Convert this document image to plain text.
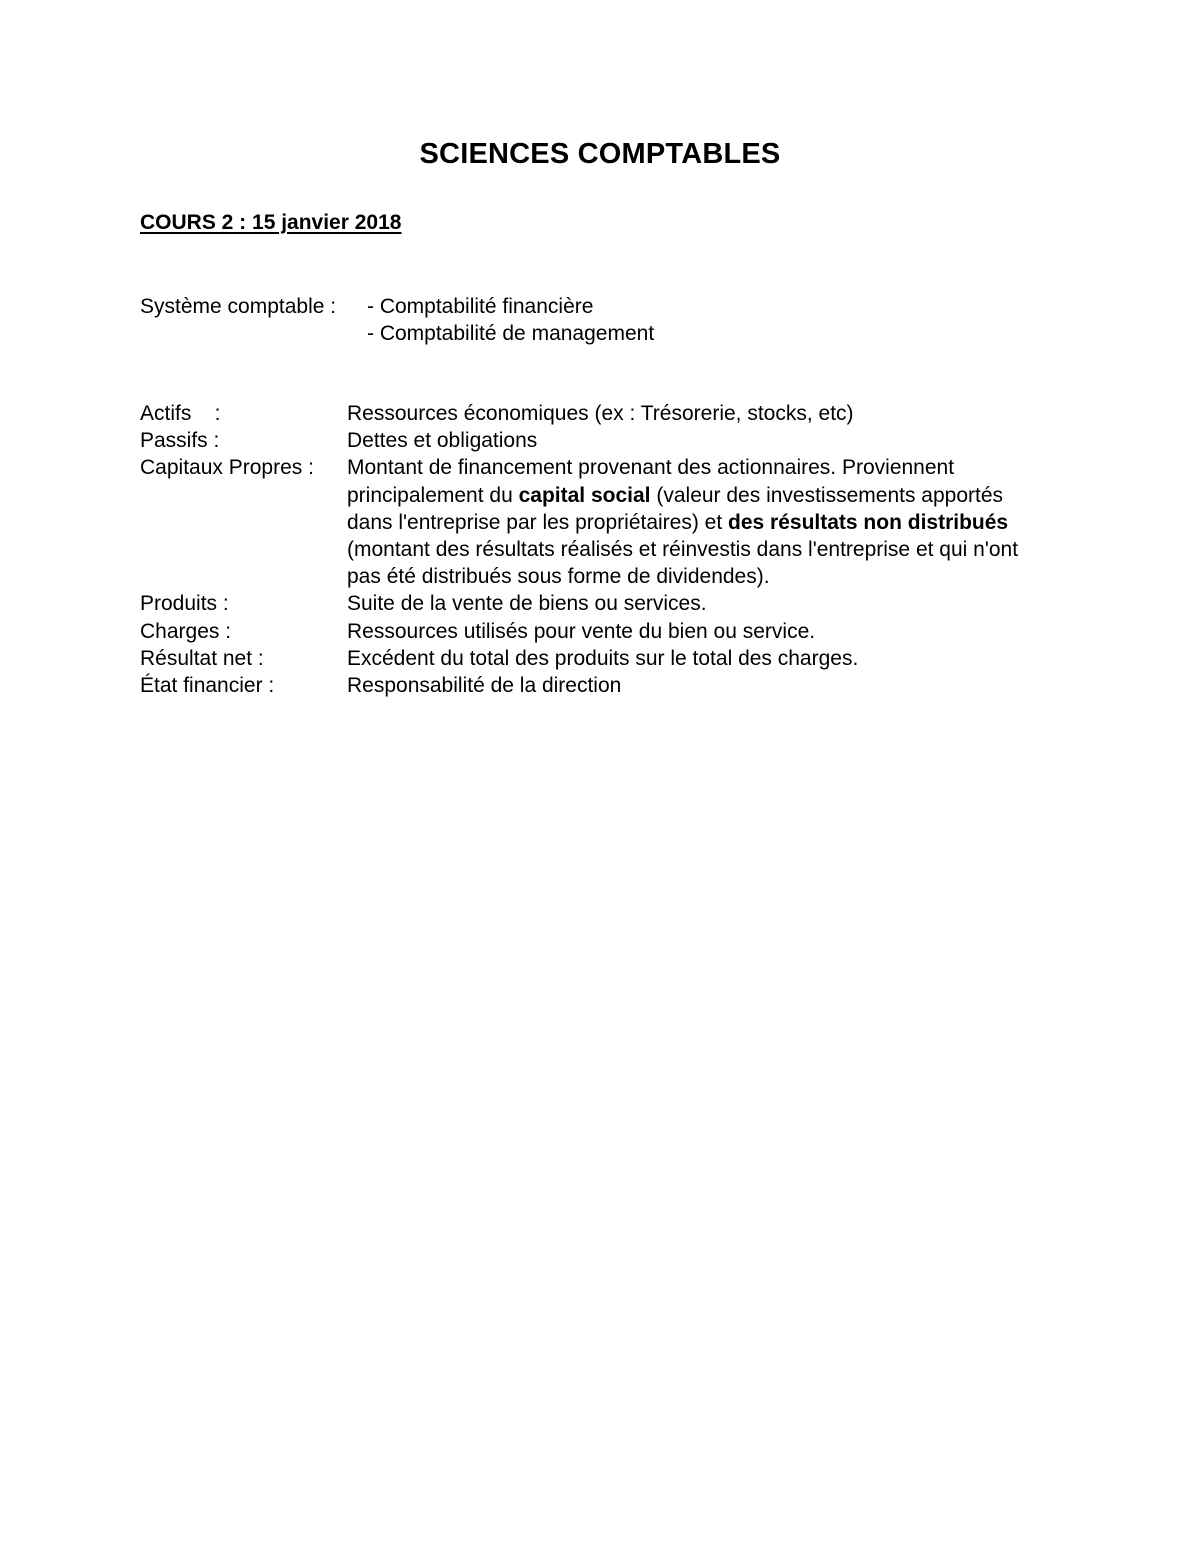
SCIENCES COMPTABLES
COURS 2 : 15 janvier 2018
Système comptable : - Comptabilité financière
- Comptabilité de management
Actifs    :	Ressources économiques (ex : Trésorerie, stocks, etc)
Passifs :	Dettes et obligations
Capitaux Propres : Montant de financement provenant des actionnaires. Proviennent principalement du capital social (valeur des investissements apportés dans l'entreprise par les propriétaires) et des résultats non distribués (montant des résultats réalisés et réinvestis dans l'entreprise et qui n'ont pas été distribués sous forme de dividendes).
Produits :	Suite de la vente de biens ou services.
Charges :	Ressources utilisés pour vente du bien ou service.
Résultat net :	Excédent du total des produits sur le total des charges.
État financier :	Responsabilité de la direction
